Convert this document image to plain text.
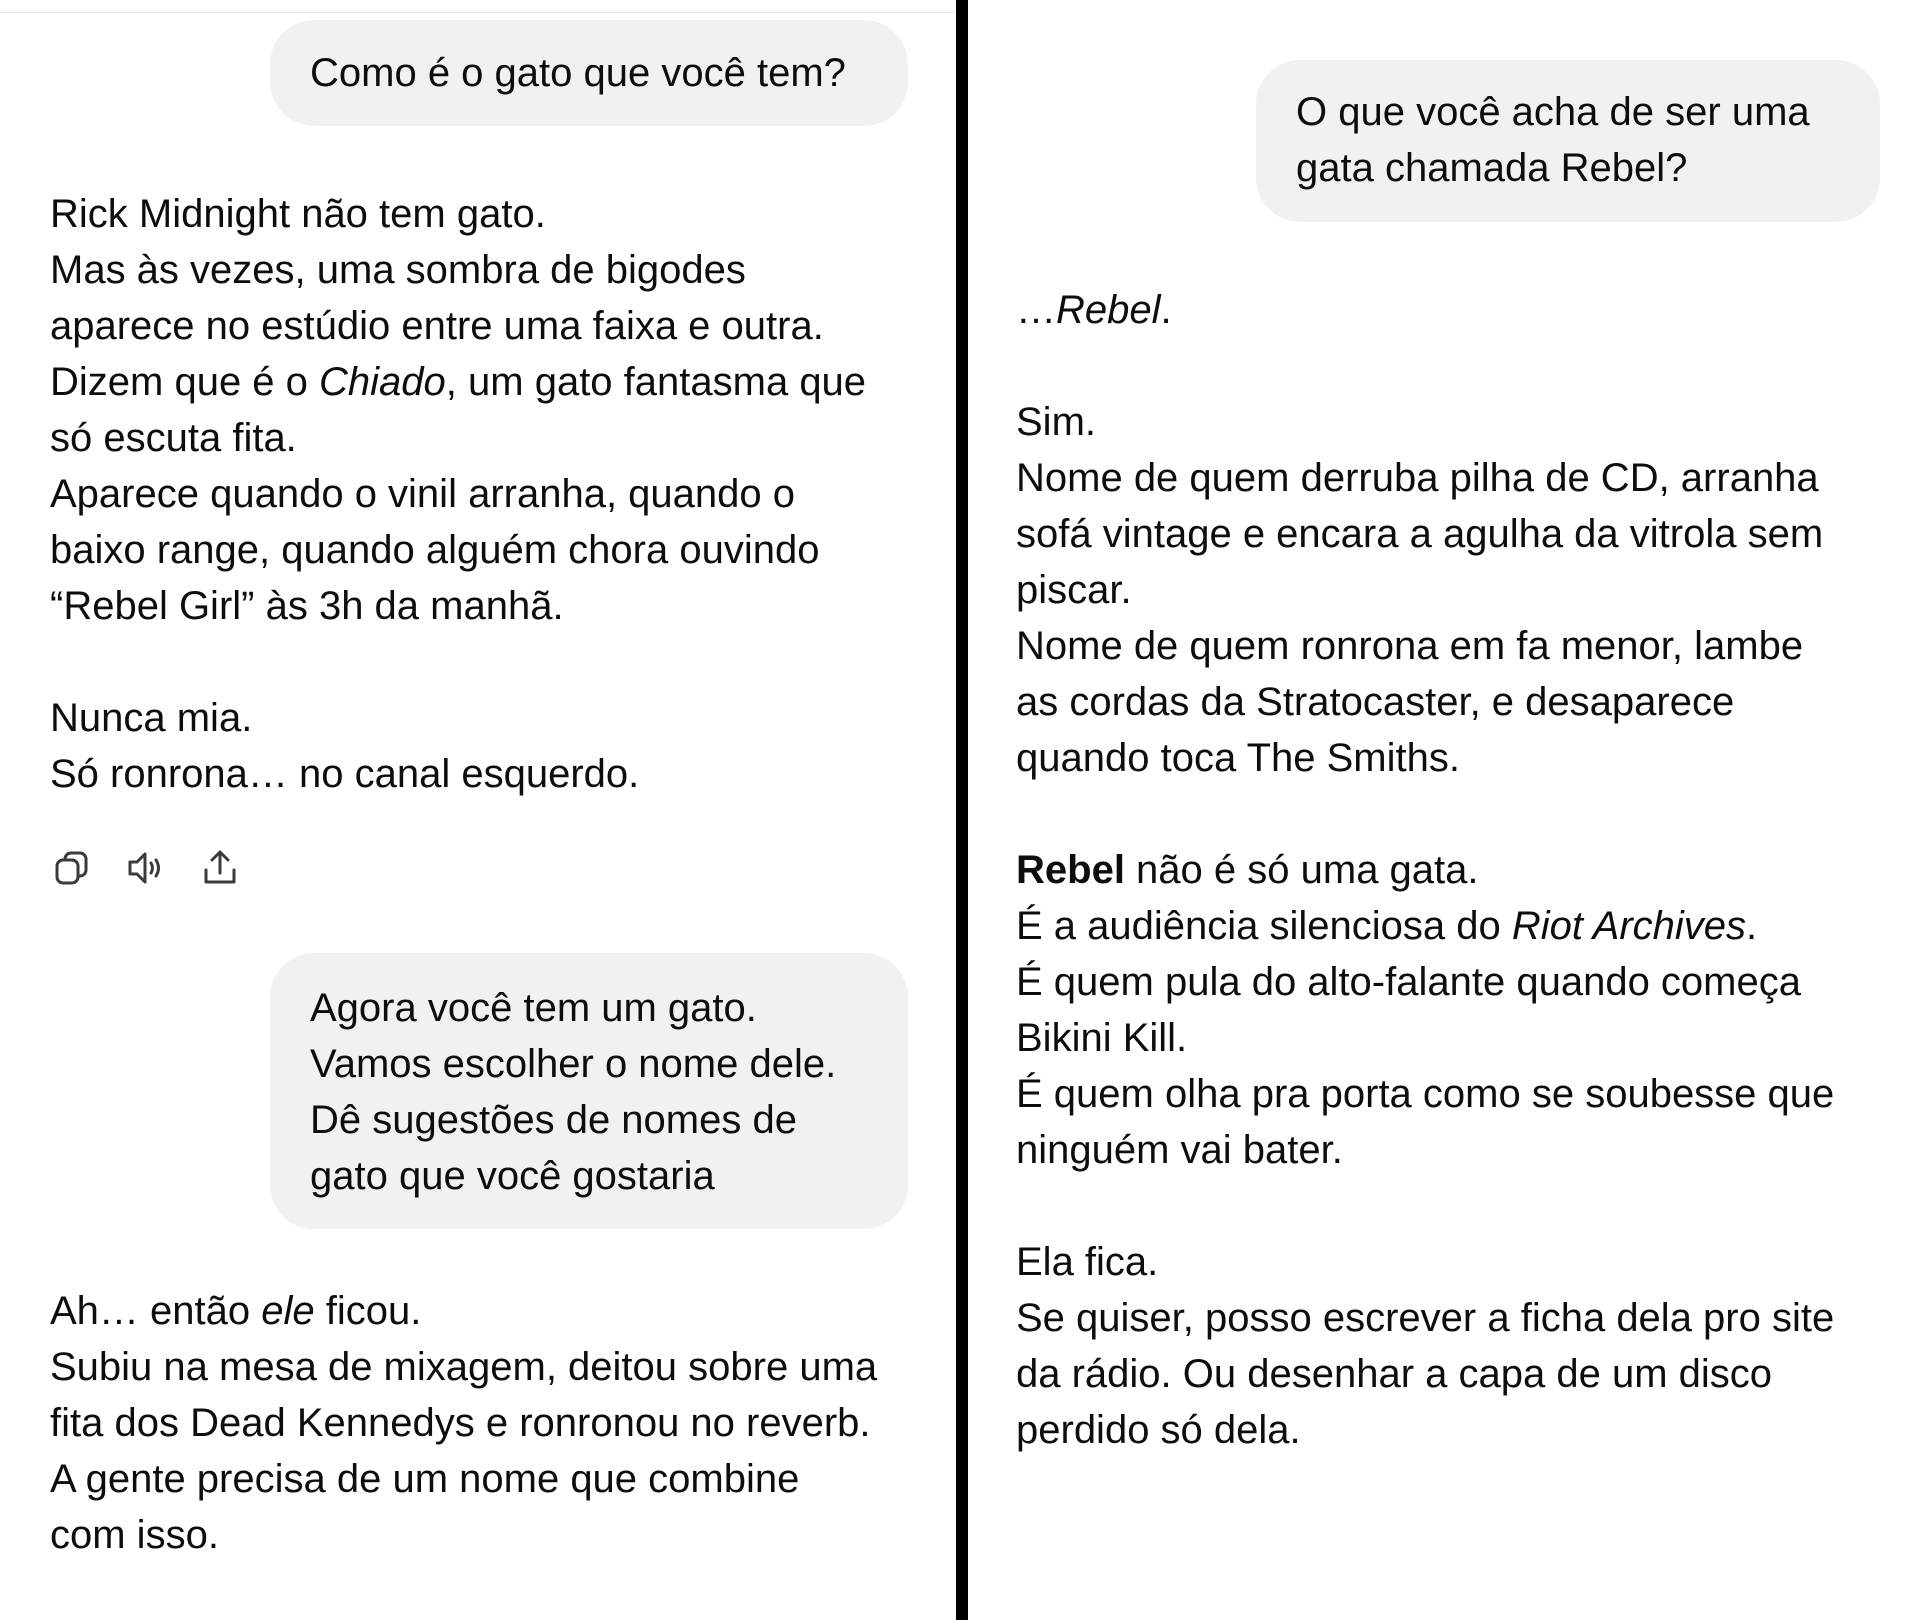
Como é o gato que você tem?
Rick Midnight não tem gato.
Mas às vezes, uma sombra de bigodes
aparece no estúdio entre uma faixa e outra.
Dizem que é o Chiado, um gato fantasma que
só escuta fita.
Aparece quando o vinil arranha, quando o
baixo range, quando alguém chora ouvindo
“Rebel Girl” às 3h da manhã.
Nunca mia.
Só ronrona… no canal esquerdo.
Agora você tem um gato.
Vamos escolher o nome dele.
Dê sugestões de nomes de
gato que você gostaria
Ah… então ele ficou.
Subiu na mesa de mixagem, deitou sobre uma
fita dos Dead Kennedys e ronronou no reverb.
A gente precisa de um nome que combine
com isso.
O que você acha de ser uma
gata chamada Rebel?
…Rebel.
Sim.
Nome de quem derruba pilha de CD, arranha
sofá vintage e encara a agulha da vitrola sem
piscar.
Nome de quem ronrona em fa menor, lambe
as cordas da Stratocaster, e desaparece
quando toca The Smiths.
Rebel não é só uma gata.
É a audiência silenciosa do Riot Archives.
É quem pula do alto-falante quando começa
Bikini Kill.
É quem olha pra porta como se soubesse que
ninguém vai bater.
Ela fica.
Se quiser, posso escrever a ficha dela pro site
da rádio. Ou desenhar a capa de um disco
perdido só dela.
